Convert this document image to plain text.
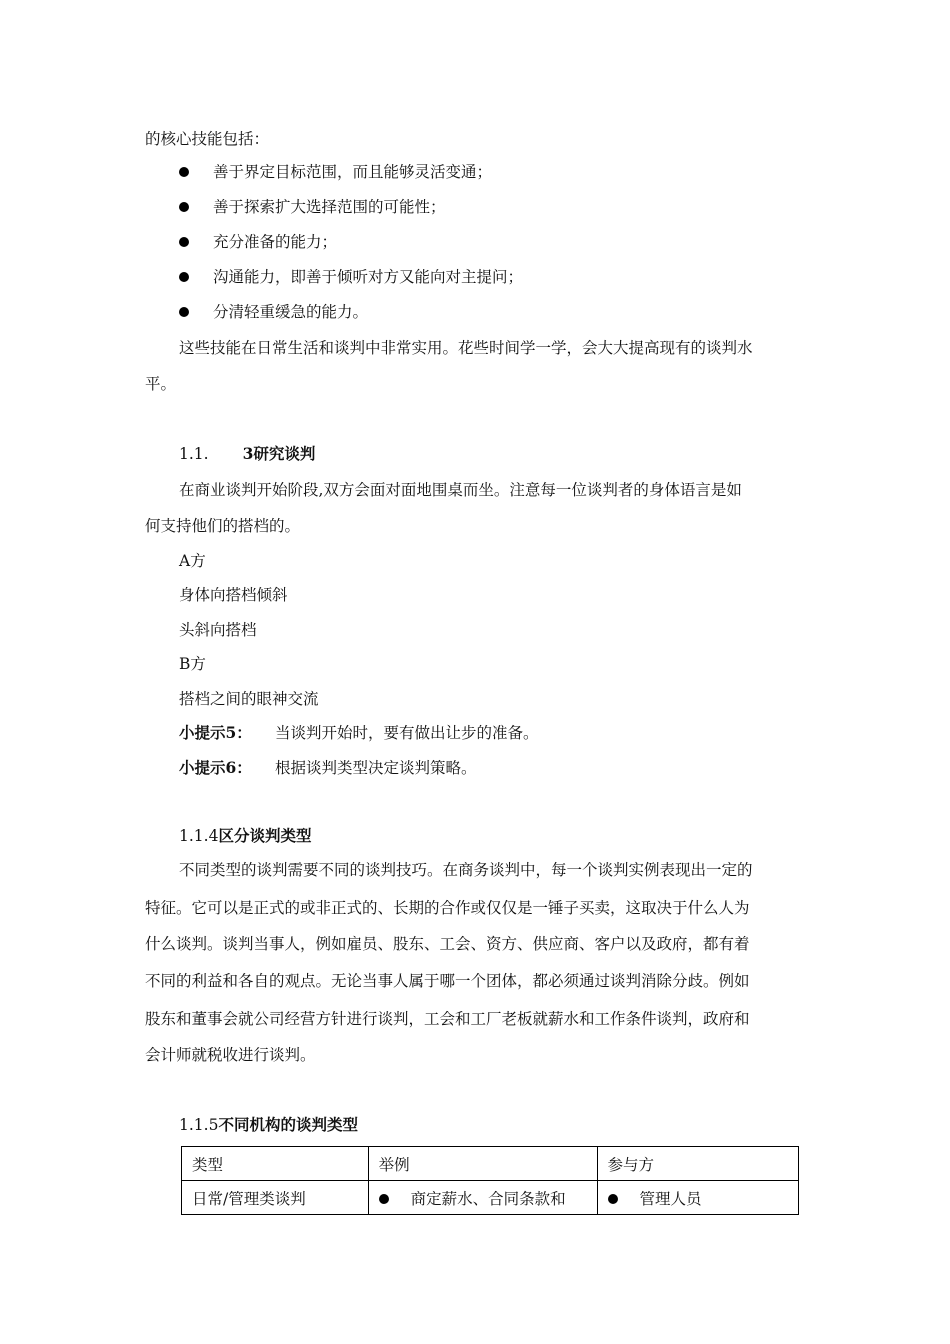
的核心技能包括：
善于界定目标范围，而且能够灵活变通；
善于探索扩大选择范围的可能性；
充分准备的能力；
沟通能力，即善于倾听对方又能向对主提问；
分清轻重缓急的能力。
这些技能在日常生活和谈判中非常实用。花些时间学一学，会大大提高现有的谈判水
平。
1.1. 3研究谈判
在商业谈判开始阶段,双方会面对面地围桌而坐。注意每一位谈判者的身体语言是如
何支持他们的搭档的。
A方
身体向搭档倾斜
头斜向搭档
B方
搭档之间的眼神交流
小提示5： 当谈判开始时，要有做出让步的准备。
小提示6： 根据谈判类型决定谈判策略。
1.1.4区分谈判类型
不同类型的谈判需要不同的谈判技巧。在商务谈判中，每一个谈判实例表现出一定的
特征。它可以是正式的或非正式的、长期的合作或仅仅是一锤子买卖，这取决于什么人为
什么谈判。谈判当事人，例如雇员、股东、工会、资方、供应商、客户以及政府，都有着
不同的利益和各自的观点。无论当事人属于哪一个团体，都必须通过谈判消除分歧。例如
股东和董事会就公司经营方针进行谈判，工会和工厂老板就薪水和工作条件谈判，政府和
会计师就税收进行谈判。
1.1.5不同机构的谈判类型
类型	举例	参与方
日常/管理类谈判	商定薪水、合同条款和	管理人员
